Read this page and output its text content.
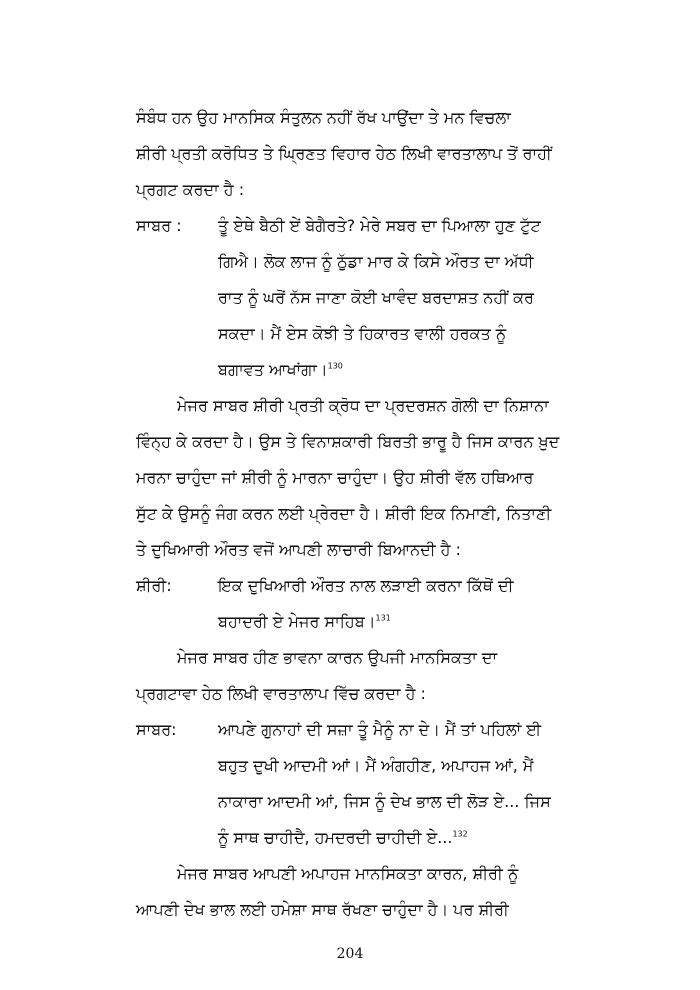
ਸੰਬੰਧ ਹਨ ਉਹ ਮਾਨਸਿਕ ਸੰਤੁਲਨ ਨਹੀਂ ਰੱਖ ਪਾਉਂਦਾ ਤੇ ਮਨ ਵਿਚਲਾ
ਸ਼ੀਰੀ ਪ੍ਰਤੀ ਕਰੋਧਿਤ ਤੇ ਘ੍ਰਿਣਤ ਵਿਹਾਰ ਹੇਠ ਲਿਖੀ ਵਾਰਤਾਲਾਪ ਤੋਂ ਰਾਹੀਂ
ਪ੍ਰਗਟ ਕਰਦਾ ਹੈ :
ਸਾਬਰ : ਤੂੰ ਏਥੇ ਬੈਠੀ ਏਂ ਬੇਗੈਰਤੇ? ਮੇਰੇ ਸਬਰ ਦਾ ਪਿਆਲਾ ਹੁਣ ਟੁੱਟ
ਗਿਐ। ਲੋਕ ਲਾਜ ਨੂੰ ਠੁੱਡਾ ਮਾਰ ਕੇ ਕਿਸੇ ਔਰਤ ਦਾ ਅੱਧੀ
ਰਾਤ ਨੂੰ ਘਰੋਂ ਨੱਸ ਜਾਣਾ ਕੋਈ ਖਾਵੰਦ ਬਰਦਾਸ਼ਤ ਨਹੀਂ ਕਰ
ਸਕਦਾ। ਮੈਂ ਏਸ ਕੋਝੀ ਤੇ ਹਿਕਾਰਤ ਵਾਲੀ ਹਰਕਤ ਨੂੰ
ਬਗਾਵਤ ਆਖਾਂਗਾ।$^{130}$
ਮੇਜਰ ਸਾਬਰ ਸ਼ੀਰੀ ਪ੍ਰਤੀ ਕ੍ਰੋਧ ਦਾ ਪ੍ਰਦਰਸ਼ਨ ਗੋਲੀ ਦਾ ਨਿਸ਼ਾਨਾ
ਵਿੰਨ੍ਹ ਕੇ ਕਰਦਾ ਹੈ। ਉਸ ਤੇ ਵਿਨਾਸ਼ਕਾਰੀ ਬਿਰਤੀ ਭਾਰੂ ਹੈ ਜਿਸ ਕਾਰਨ ਖ਼ੁਦ
ਮਰਨਾ ਚਾਹੁੰਦਾ ਜਾਂ ਸ਼ੀਰੀ ਨੂੰ ਮਾਰਨਾ ਚਾਹੁੰਦਾ। ਉਹ ਸ਼ੀਰੀ ਵੱਲ ਹਥਿਆਰ
ਸੁੱਟ ਕੇ ਉਸਨੂੰ ਜੰਗ ਕਰਨ ਲਈ ਪ੍ਰੇਰਦਾ ਹੈ। ਸ਼ੀਰੀ ਇਕ ਨਿਮਾਣੀ, ਨਿਤਾਣੀ
ਤੇ ਦੁਖਿਆਰੀ ਔਰਤ ਵਜੋਂ ਆਪਣੀ ਲਾਚਾਰੀ ਬਿਆਨਦੀ ਹੈ :
ਸ਼ੀਰੀ:	ਇਕ ਦੁਖਿਆਰੀ ਔਰਤ ਨਾਲ ਲੜਾਈ ਕਰਨਾ ਕਿੱਥੋਂ ਦੀ
ਬਹਾਦਰੀ ਏ ਮੇਜਰ ਸਾਹਿਬ।$^{131}$
ਮੇਜਰ ਸਾਬਰ ਹੀਣ ਭਾਵਨਾ ਕਾਰਨ ਉਪਜੀ ਮਾਨਸਿਕਤਾ ਦਾ
ਪ੍ਰਗਟਾਵਾ ਹੇਠ ਲਿਖੀ ਵਾਰਤਾਲਾਪ ਵਿੱਚ ਕਰਦਾ ਹੈ :
ਸਾਬਰ:	ਆਪਣੇ ਗੁਨਾਹਾਂ ਦੀ ਸਜ਼ਾ ਤੂੰ ਮੈਨੂੰ ਨਾ ਦੇ। ਮੈਂ ਤਾਂ ਪਹਿਲਾਂ ਈ
ਬਹੁਤ ਦੁਖੀ ਆਦਮੀ ਆਂ। ਮੈਂ ਅੰਗਹੀਣ, ਅਪਾਹਜ ਆਂ, ਮੈਂ
ਨਾਕਾਰਾ ਆਦਮੀ ਆਂ, ਜਿਸ ਨੂੰ ਦੇਖ ਭਾਲ ਦੀ ਲੋੜ ਏ... ਜਿਸ
ਨੂੰ ਸਾਥ ਚਾਹੀਦੈ, ਹਮਦਰਦੀ ਚਾਹੀਦੀ ਏ...$^{132}$
ਮੇਜਰ ਸਾਬਰ ਆਪਣੀ ਅਪਾਹਜ ਮਾਨਸਿਕਤਾ ਕਾਰਨ, ਸ਼ੀਰੀ ਨੂੰ
ਆਪਣੀ ਦੇਖ ਭਾਲ ਲਈ ਹਮੇਸ਼ਾ ਸਾਥ ਰੱਖਣਾ ਚਾਹੁੰਦਾ ਹੈ। ਪਰ ਸ਼ੀਰੀ
204
